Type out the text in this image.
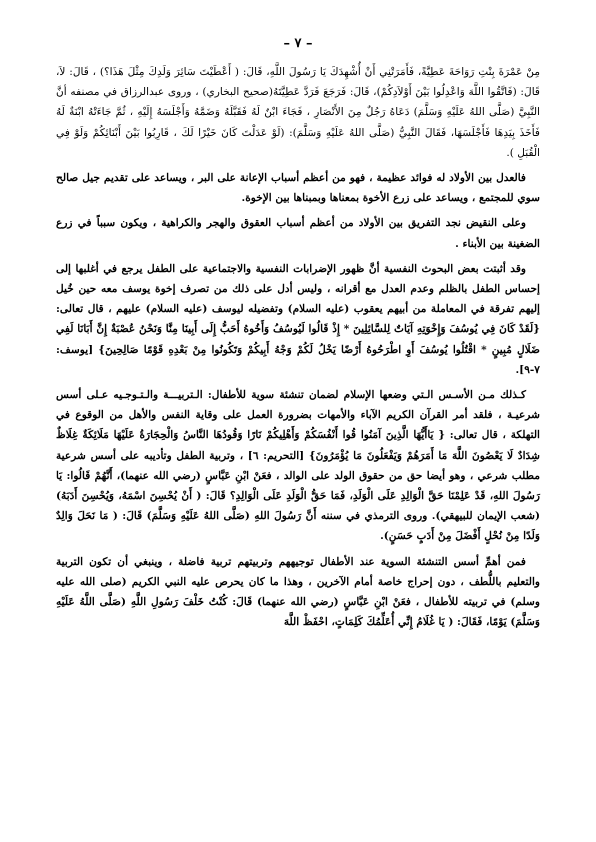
– ٧ –

مِنْ عَمْرَةَ بِنْتِ رَوَاحَةَ عَطِيَّةً، فَأَمَرَتْنِي أَنْ أُشْهِدَكَ يَا رَسُولَ اللَّهِ، قَالَ: ( أَعْطَيْتَ سَائِرَ وَلَدِكَ مِثْلَ هَذَا؟) ، قَالَ: لاَ، قَالَ: (فَاتَّقُوا اللَّهَ وَاعْدِلُوا بَيْنَ أَوْلاَدِكُمْ)، قَالَ: فَرَجَعَ فَرَدَّ عَطِيَّتَهُ(صحيح البخاري) ، وروى عبدالرزاق في مصنفه أنَّ النَّبِيَّ (صَلَّى اللهُ عَلَيْهِ وَسَلَّمَ) دَعَاهُ رَجُلٌ مِنَ الأَنْصَارِ ، فَجَاءَ ابْنٌ لَهُ فَقَبَّلَهُ وَضَمَّهُ وَأَجْلَسَهُ إِلَيْهِ ، ثُمَّ جَاءَتْهُ ابْنَةٌ لَهُ فَأَخَذَ بِيَدِهَا فَأَجْلَسَهَا، فَقَالَ النَّبِيُّ (صَلَّى اللهُ عَلَيْهِ وَسَلَّمَ): (لَوْ عَدَلْتَ كَانَ خَيْرًا لَكَ ، قَارِبُوا بَيْنَ أَبْنَائِكُمْ وَلَوْ فِي الْقُبَلِ ).

فالعدل بين الأولاد له فوائد عظيمة ، فهو من أعظم أسباب الإعانة على البر ، ويساعد على تقديم جيل صالح سوي للمجتمع ، ويساعد على زرع الأخوة بمعناها وبمبناها بين الإخوة.

وعلى النقيض نجد التفريق بين الأولاد من أعظم أسباب العقوق والهجر والكراهية ، ويكون سبباً في زرع الضغينة بين الأبناء .

وقد أثبتت بعض البحوث النفسية أنَّ ظهور الإضرابات النفسية والاجتماعية على الطفل يرجع في أغلبها إلى إحساس الطفل بالظلم وعدم العدل مع أقرانه ، وليس أدل على ذلك من تصرف إخوة يوسف معه حين خُيل إليهم تفرقة في المعاملة من أبيهم يعقوب (عليه السلام) وتفضيله ليوسف (عليه السلام) عليهم ، قال تعالى: {لَقَدْ كَانَ فِي يُوسُفَ وَإِخْوَتِهِ آيَاتٌ لِلسَّائِلِينَ * إِذْ قَالُوا لَيُوسُفُ وَأَخُوهُ أَحَبُّ إِلَى أَبِينَا مِنَّا وَنَحْنُ عُصْبَةٌ إِنَّ أَبَانَا لَفِي ضَلَالٍ مُبِينٍ * اقْتُلُوا يُوسُفَ أَوِ اطْرَحُوهُ أَرْضًا يَخْلُ لَكُمْ وَجْهُ أَبِيكُمْ وَتَكُونُوا مِنْ بَعْدِهِ قَوْمًا صَالِحِينَ} [يوسف: ٧-٩].

كـذلك مـن الأسـس الـتي وضعها الإسلام لضمان تنشئة سوية للأطفال: الـتربيـــة والـتـوجـيه عـلى أسس شرعيـة ، فلقد أمر القرآن الكريم الآباء والأمهات بضرورة العمل على وقاية النفس والأهل من الوقوع في التهلكة ، قال تعالى: { يَاأَيُّهَا الَّذِينَ آمَنُوا قُوا أَنْفُسَكُمْ وَأَهْلِيكُمْ نَارًا وَقُودُهَا النَّاسُ وَالْحِجَارَةُ عَلَيْهَا مَلَائِكَةٌ غِلَاظٌ شِدَادٌ لَا يَعْصُونَ اللَّهَ مَا أَمَرَهُمْ وَيَفْعَلُونَ مَا يُؤْمَرُونَ} [التحريم: ٦] ، وتربية الطفل وتأديبه على أسس شرعية مطلب شرعي ، وهو أيضا حق من حقوق الولد على الوالد ، فعَنْ ابْنِ عَبَّاسٍ (رضي الله عنهما)، أَنَّهُمْ قَالُوا: يَا رَسُولَ اللهِ، قَدْ عَلِمْنَا حَقَّ الْوَالِدِ عَلَى الْوَلَدِ، فَمَا حَقُّ الْوَلَدِ عَلَى الْوَالِدِ؟ قَالَ: ( أَنْ يُحْسِنَ اسْمَهُ، وَيُحْسِنَ أَدَبَهُ) (شعب الإيمان للبيهقي). وروى الترمذي في سننه أَنَّ رَسُولَ اللهِ (صَلَّى اللهُ عَلَيْهِ وَسَلَّمَ) قَالَ: ( مَا نَحَلَ وَالِدٌ وَلَدًا مِنْ نُحْلٍ أَفْضَلَ مِنْ أَدَبٍ حَسَنٍ).

فمن أهمِّ أسس التنشئة السوية عند الأطفال توجيههم وتربيتهم تربية فاضلة ، وينبغي أن تكون التربية والتعليم باللُّطف ، دون إحراج خاصة أمام الآخرين ، وهذا ما كان يحرص عليه النبي الكريم (صلى الله عليه وسلم) في تربيته للأطفال ، فعَنْ ابْنِ عَبَّاسٍ (رضي الله عنهما) قَالَ: كُنْتُ خَلْفَ رَسُولِ اللَّهِ (صَلَّى اللَّهُ عَلَيْهِ وَسَلَّمَ) يَوْمًا، فَقَالَ: ( يَا غُلَامُ إِنِّي أُعَلِّمُكَ كَلِمَاتٍ، احْفَظْ اللَّهَ
